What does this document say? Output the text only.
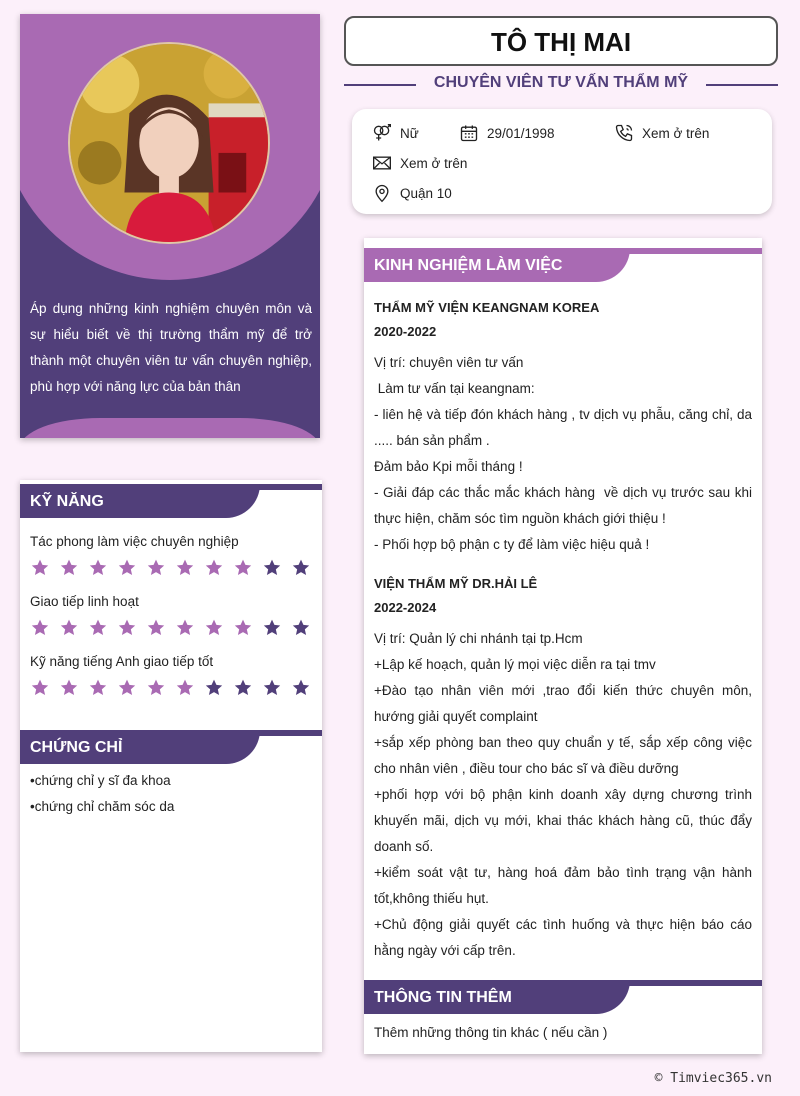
Áp dụng những kinh nghiệm chuyên môn và sự hiểu biết về thị trường thẩm mỹ để trở thành một chuyên viên tư vấn chuyên nghiệp, phù hợp với năng lực của bản thân
KỸ NĂNG
Tác phong làm việc chuyên nghiệp
Giao tiếp linh hoạt
Kỹ năng tiếng Anh giao tiếp tốt
CHỨNG CHỈ
•chứng chỉ y sĩ đa khoa
•chứng chỉ chăm sóc da
TÔ THỊ MAI
CHUYÊN VIÊN TƯ VẤN THẨM MỸ
Nữ	29/01/1998	Xem ở trên
Xem ở trên
Quận 10
KINH NGHIỆM LÀM VIỆC
THẨM MỸ VIỆN KEANGNAM KOREA
2020-2022
Vị trí: chuyên viên tư vấn
Làm tư vấn tại keangnam:
- liên hệ và tiếp đón khách hàng , tv dịch vụ phẫu, căng chỉ, da ..... bán sản phẩm .
Đảm bảo Kpi mỗi tháng !
- Giải đáp các thắc mắc khách hàng  về dịch vụ trước sau khi thực hiện, chăm sóc tìm nguồn khách giới thiệu !
- Phối hợp bộ phận c ty để làm việc hiệu quả !
VIỆN THẨM MỸ DR.HẢI LÊ
2022-2024
Vị trí: Quản lý chi nhánh tại tp.Hcm
+Lập kế hoạch, quản lý mọi việc diễn ra tại tmv
+Đào tạo nhân viên mới ,trao đổi kiến thức chuyên môn, hướng giải quyết complaint
+sắp xếp phòng ban theo quy chuẩn y tế, sắp xếp công việc cho nhân viên , điều tour cho bác sĩ và điều dưỡng
+phối hợp với bộ phận kinh doanh xây dựng chương trình khuyến mãi, dịch vụ mới, khai thác khách hàng cũ, thúc đẩy doanh số.
+kiểm soát vật tư, hàng hoá đảm bảo tình trạng vận hành tốt,không thiếu hụt.
+Chủ động giải quyết các tình huống và thực hiện báo cáo hằng ngày với cấp trên.
THÔNG TIN THÊM
Thêm những thông tin khác ( nếu cần )
© Timviec365.vn
